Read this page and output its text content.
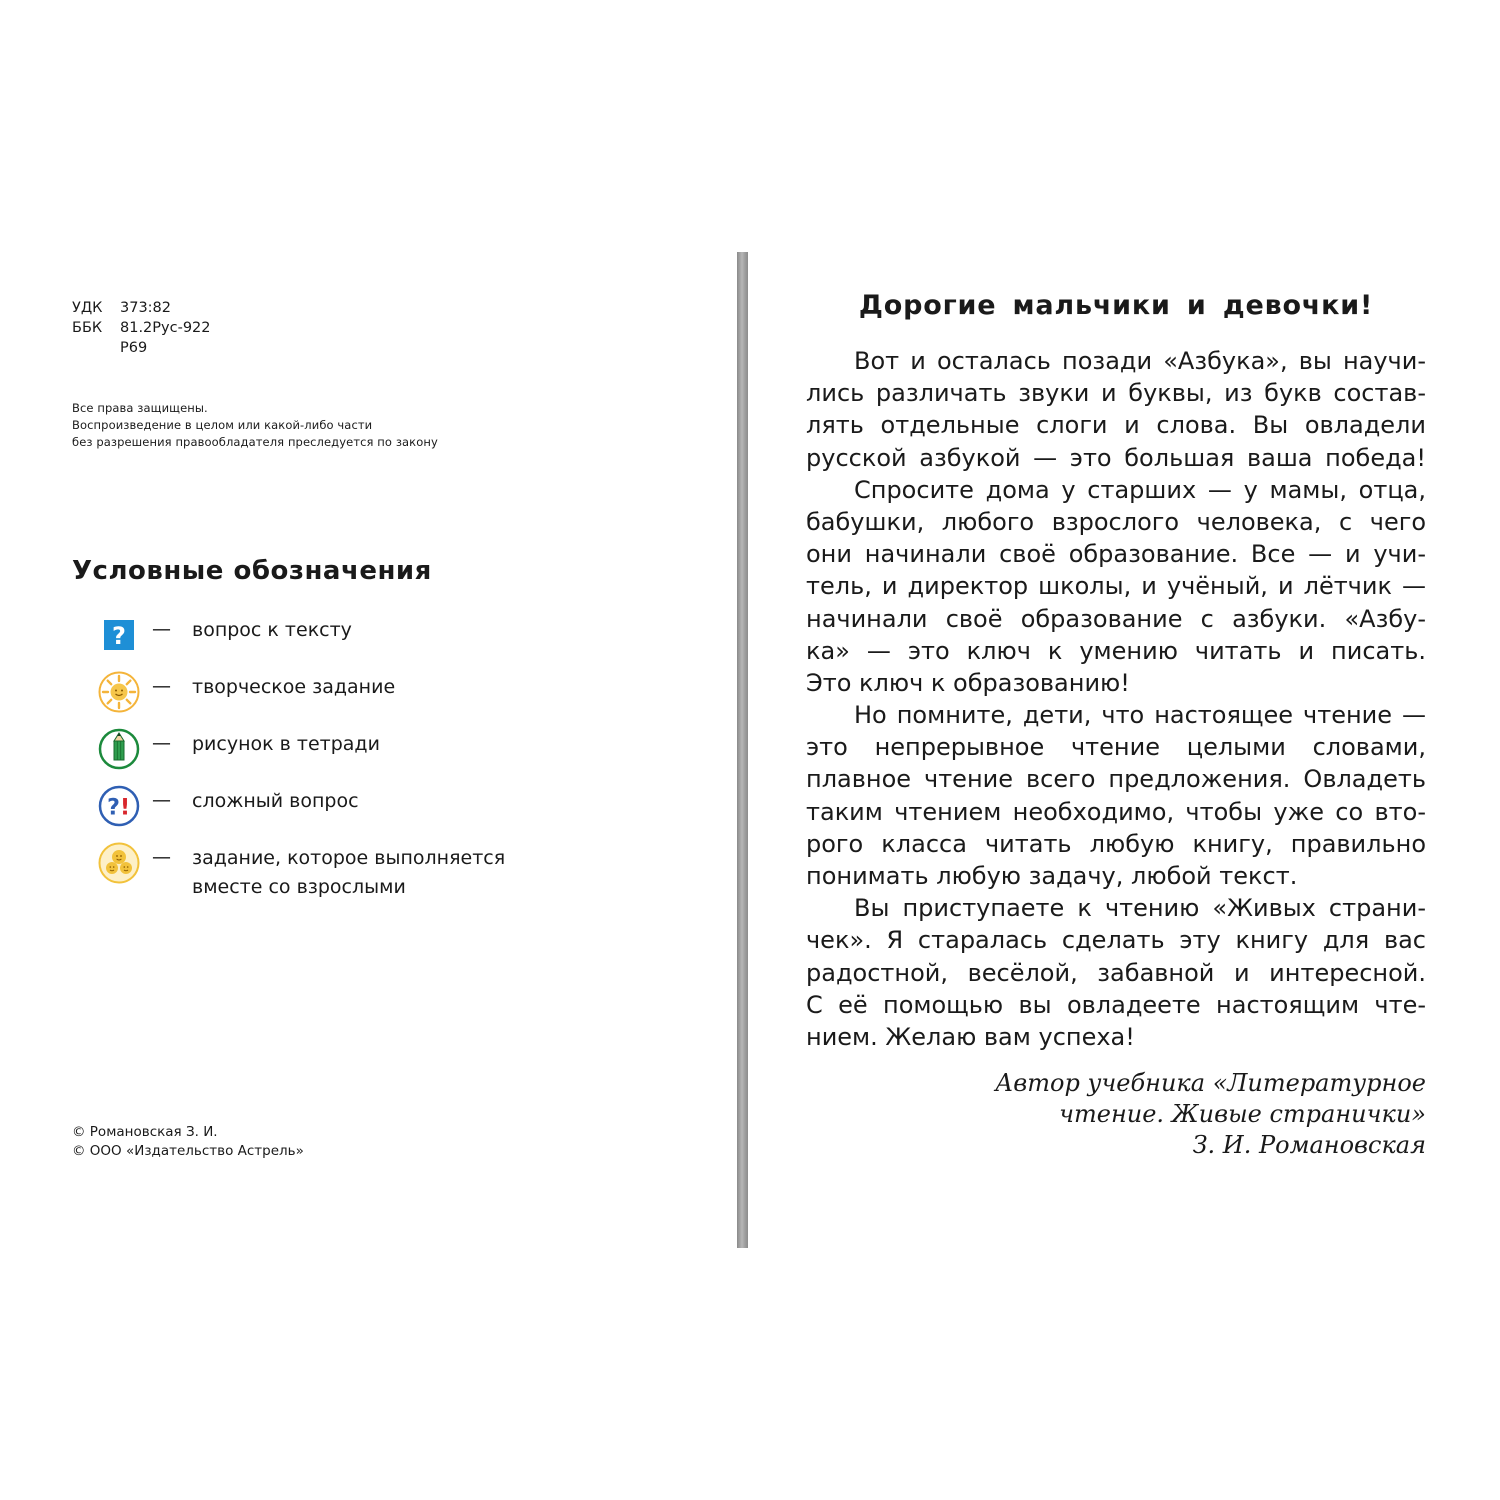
УДК	373:82
ББК	81.2Рус-922
Р69
Все права защищены.
Воспроизведение в целом или какой-либо части
без разрешения правообладателя преследуется по закону
Условные обозначения
? — вопрос к тексту
— творческое задание
— рисунок в тетради
? ! — сложный вопрос
— задание, которое выполняется
вместе со взрослыми
© Романовская З. И.
© ООО «Издательство Астрель»
Дорогие мальчики и девочки!
Вот и осталась позади «Азбука», вы научи-
лись различать звуки и буквы, из букв состав-
лять отдельные слоги и слова. Вы овладели
русской азбукой — это большая ваша победа!
Спросите дома у старших — у мамы, отца,
бабушки, любого взрослого человека, с чего
они начинали своё образование. Все — и учи-
тель, и директор школы, и учёный, и лётчик —
начинали своё образование с азбуки. «Азбу-
ка» — это ключ к умению читать и писать.
Это ключ к образованию!
Но помните, дети, что настоящее чтение —
это непрерывное чтение целыми словами,
плавное чтение всего предложения. Овладеть
таким чтением необходимо, чтобы уже со вто-
рого класса читать любую книгу, правильно
понимать любую задачу, любой текст.
Вы приступаете к чтению «Живых страни-
чек». Я старалась сделать эту книгу для вас
радостной, весёлой, забавной и интересной.
С её помощью вы овладеете настоящим чте-
нием. Желаю вам успеха!
Автор учебника «Литературное
чтение. Живые странички»
З. И. Романовская
